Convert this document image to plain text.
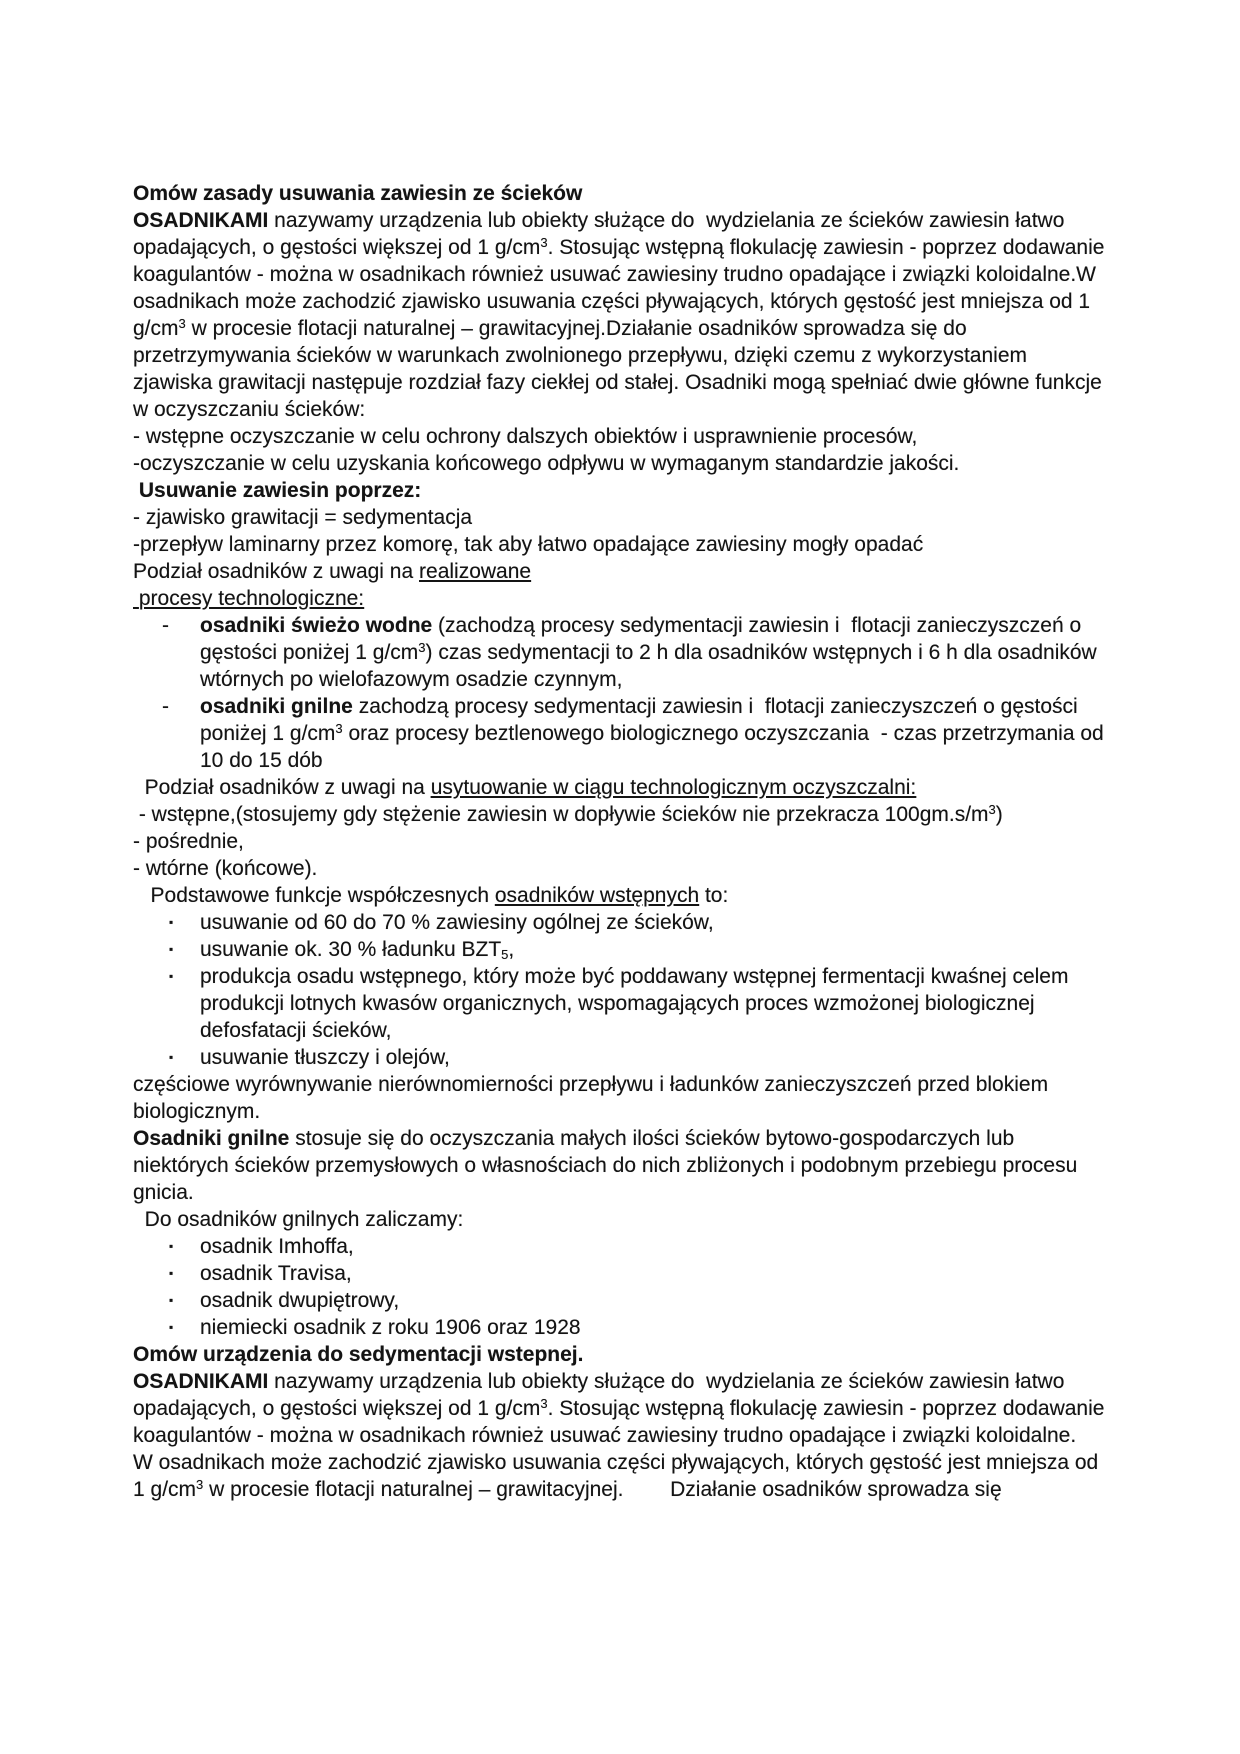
Omów zasady usuwania zawiesin ze ścieków
OSADNIKAMI nazywamy urządzenia lub obiekty służące do  wydzielania ze ścieków zawiesin łatwo opadających, o gęstości większej od 1 $g/cm^3$. Stosując wstępną flokulację zawiesin - poprzez dodawanie koagulantów - można w osadnikach również usuwać zawiesiny trudno opadające i związki koloidalne.W osadnikach może zachodzić zjawisko usuwania części pływających, których gęstość jest mniejsza od 1 $g/cm^3$ w procesie flotacji naturalnej – grawitacyjnej.Działanie osadników sprowadza się do przetrzymywania ścieków w warunkach zwolnionego przepływu, dzięki czemu z wykorzystaniem zjawiska grawitacji następuje rozdział fazy ciekłej od stałej. Osadniki mogą spełniać dwie główne funkcje w oczyszczaniu ścieków:
- wstępne oczyszczanie w celu ochrony dalszych obiektów i usprawnienie procesów,
-oczyszczanie w celu uzyskania końcowego odpływu w wymaganym standardzie jakości.
Usuwanie zawiesin poprzez:
- zjawisko grawitacji = sedymentacja
-przepływ laminarny przez komorę, tak aby łatwo opadające zawiesiny mogły opadać
Podział osadników z uwagi na realizowane
procesy technologiczne:
-	osadniki świeżo wodne (zachodzą procesy sedymentacji zawiesin i  flotacji zanieczyszczeń o gęstości poniżej 1 $g/cm^3$) czas sedymentacji to 2 h dla osadników wstępnych i 6 h dla osadników wtórnych po wielofazowym osadzie czynnym,
-	osadniki gnilne zachodzą procesy sedymentacji zawiesin i  flotacji zanieczyszczeń o gęstości poniżej 1 $g/cm^3$ oraz procesy beztlenowego biologicznego oczyszczania  - czas przetrzymania od 10 do 15 dób
Podział osadników z uwagi na usytuowanie w ciągu technologicznym oczyszczalni:
- wstępne,(stosujemy gdy stężenie zawiesin w dopływie ścieków nie przekracza $100gm.s/m^3$)
- pośrednie,
- wtórne (końcowe).
Podstawowe funkcje współczesnych osadników wstępnych to:
▪	usuwanie od 60 do 70 % zawiesiny ogólnej ze ścieków,
▪	usuwanie ok. 30 % ładunku $BZT_5$,
▪	produkcja osadu wstępnego, który może być poddawany wstępnej fermentacji kwaśnej celem produkcji lotnych kwasów organicznych, wspomagających proces wzmożonej biologicznej defosfatacji ścieków,
▪	usuwanie tłuszczy i olejów,
częściowe wyrównywanie nierównomierności przepływu i ładunków zanieczyszczeń przed blokiem biologicznym.
Osadniki gnilne stosuje się do oczyszczania małych ilości ścieków bytowo-gospodarczych lub niektórych ścieków przemysłowych o własnościach do nich zbliżonych i podobnym przebiegu procesu gnicia.
Do osadników gnilnych zaliczamy:
▪	osadnik Imhoffa,
▪	osadnik Travisa,
▪	osadnik dwupiętrowy,
▪	niemiecki osadnik z roku 1906 oraz 1928
Omów urządzenia do sedymentacji wstepnej.
OSADNIKAMI nazywamy urządzenia lub obiekty służące do  wydzielania ze ścieków zawiesin łatwo opadających, o gęstości większej od 1 $g/cm^3$. Stosując wstępną flokulację zawiesin - poprzez dodawanie koagulantów - można w osadnikach również usuwać zawiesiny trudno opadające i związki koloidalne.
W osadnikach może zachodzić zjawisko usuwania części pływających, których gęstość jest mniejsza od 1 $g/cm^3$ w procesie flotacji naturalnej – grawitacyjnej.        Działanie osadników sprowadza się
